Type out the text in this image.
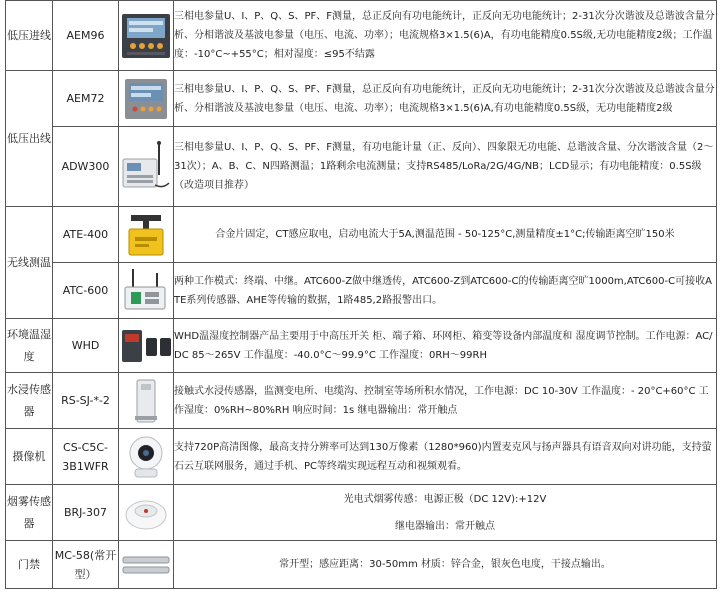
低压进线	AEM96		三相电参量U、I、P、Q、S、PF、F测量，总正反向有功电能统计，正反向无功电能统计；2-31次分次谐波及总谐波含量分析、分相谐波及基波电参量（电压、电流、功率）；电流规格3×1.5(6)A，有功电能精度0.5S级,无功电能精度2级；工作温度：-10°C~+55°C；相对湿度：≤95不结露
低压出线	AEM72		三相电参量U、I、P、Q、S、PF、F测量，总正反向有功电能统计，正反向无功电能统计；2-31次分次谐波及总谐波含量分析、分相谐波及基波电参量（电压、电流、功率）；电流规格3×1.5(6)A,有功电能精度0.5S级，无功电能精度2级
	ADW300		三相电参量U、I、P、Q、S、PF、F测量，有功电能计量（正、反向）、四象限无功电能、总谐波含量、分次谐波含量（2～31次）；A、B、C、N四路测温；1路剩余电流测量；支持RS485/LoRa/2G/4G/NB；LCD显示；有功电能精度：0.5S级（改造项目推荐）
无线测温	ATE-400		合金片固定，CT感应取电，启动电流大于5A,测温范围 - 50-125°C,测量精度±1°C;传输距离空旷150米
	ATC-600		两种工作模式：终端、中继。ATC600-Z做中继透传，ATC600-Z到ATC600-C的传输距离空旷1000m,ATC600-C可接收ATE系列传感器、AHE等传输的数据，1路485,2路报警出口。
环境温湿度	WHD		WHD温湿度控制器产品主要用于中高压开关 柜、端子箱、环网柜、箱变等设备内部温度和 湿度调节控制。工作电源：AC/DC 85～265V 工作温度：-40.0°C～99.9°C 工作湿度：0RH～99RH
水浸传感器	RS-SJ-*-2		接触式水浸传感器，监测变电所、电缆沟、控制室等场所积水情况，工作电源：DC 10-30V 工作温度：- 20°C+60°C 工作湿度：0%RH~80%RH 响应时间：1s 继电器输出：常开触点
摄像机	CS-C5C-3B1WFR		支持720P高清图像，最高支持分辨率可达到130万像素（1280*960)内置麦克风与扬声器具有语音双向对讲功能，支持萤石云互联网服务，通过手机、PC等终端实现远程互动和视频观看。
烟雾传感器	BRJ-307		光电式烟雾传感：电源正极（DC 12V):+12V
继电器输出：常开触点

门禁	MC-58(常开型）		常开型；感应距离：30-50mm 材质：锌合金，银灰色电度，干接点输出。
